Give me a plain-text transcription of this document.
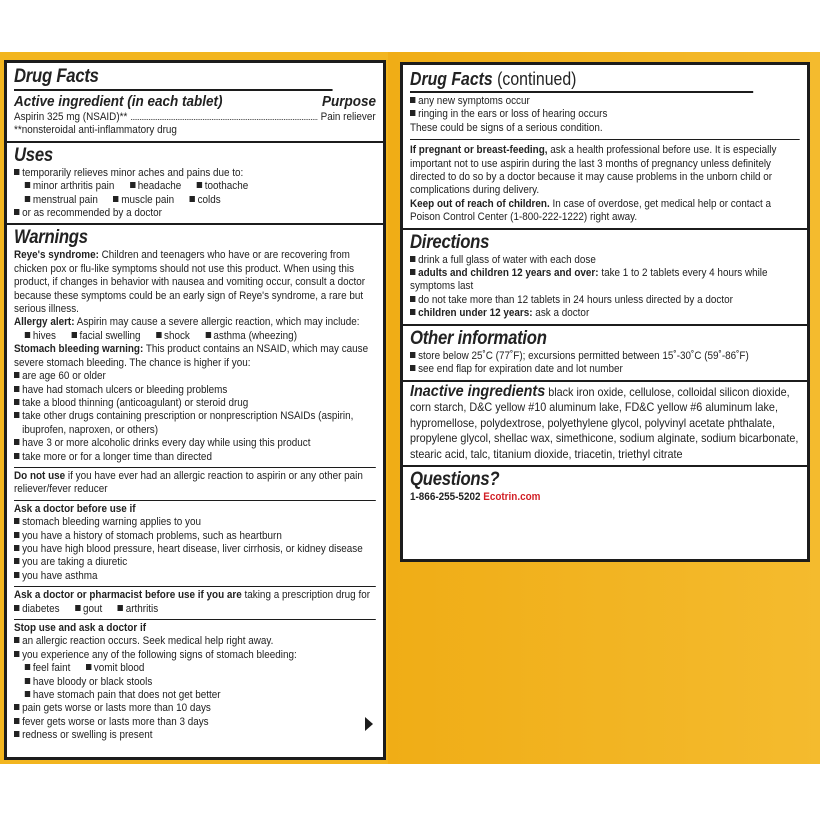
Drug Facts
Active ingredient (in each tablet)	Purpose
Aspirin 325 mg (NSAID)**	Pain reliever
**nonsteroidal anti-inflammatory drug
Uses
temporarily relieves minor aches and pains due to:
minor arthritis pain headache toothache
menstrual pain muscle pain colds
or as recommended by a doctor
Warnings
Reye's syndrome: Children and teenagers who have or are recovering from chicken pox or flu-like symptoms should not use this product. When using this product, if changes in behavior with nausea and vomiting occur, consult a doctor because these symptoms could be an early sign of Reye's syndrome, a rare but serious illness.
Allergy alert: Aspirin may cause a severe allergic reaction, which may include:
hives facial swelling shock asthma (wheezing)
Stomach bleeding warning: This product contains an NSAID, which may cause severe stomach bleeding. The chance is higher if you:
are age 60 or older
have had stomach ulcers or bleeding problems
take a blood thinning (anticoagulant) or steroid drug
take other drugs containing prescription or nonprescription NSAIDs (aspirin, ibuprofen, naproxen, or others)
have 3 or more alcoholic drinks every day while using this product
take more or for a longer time than directed
Do not use if you have ever had an allergic reaction to aspirin or any other pain reliever/fever reducer
Ask a doctor before use if
stomach bleeding warning applies to you
you have a history of stomach problems, such as heartburn
you have high blood pressure, heart disease, liver cirrhosis, or kidney disease
you are taking a diuretic
you have asthma
Ask a doctor or pharmacist before use if you are taking a prescription drug for
diabetes gout arthritis
Stop use and ask a doctor if
an allergic reaction occurs. Seek medical help right away.
you experience any of the following signs of stomach bleeding:
feel faint vomit blood
have bloody or black stools
have stomach pain that does not get better
pain gets worse or lasts more than 10 days
fever gets worse or lasts more than 3 days
redness or swelling is present
Drug Facts (continued)
any new symptoms occur
ringing in the ears or loss of hearing occurs
These could be signs of a serious condition.
If pregnant or breast-feeding, ask a health professional before use. It is especially important not to use aspirin during the last 3 months of pregnancy unless definitely directed to do so by a doctor because it may cause problems in the unborn child or complications during delivery.
Keep out of reach of children. In case of overdose, get medical help or contact a Poison Control Center (1-800-222-1222) right away.
Directions
drink a full glass of water with each dose
adults and children 12 years and over: take 1 to 2 tablets every 4 hours while symptoms last
do not take more than 12 tablets in 24 hours unless directed by a doctor
children under 12 years: ask a doctor
Other information
store below 25˚C (77˚F); excursions permitted between 15˚-30˚C (59˚-86˚F)
see end flap for expiration date and lot number
Inactive ingredients black iron oxide, cellulose, colloidal silicon dioxide, corn starch, D&C yellow #10 aluminum lake, FD&C yellow #6 aluminum lake, hypromellose, polydextrose, polyethylene glycol, polyvinyl acetate phthalate, propylene glycol, shellac wax, simethicone, sodium alginate, sodium bicarbonate, stearic acid, talc, titanium dioxide, triacetin, triethyl citrate
Questions?
1-866-255-5202 Ecotrin.com
